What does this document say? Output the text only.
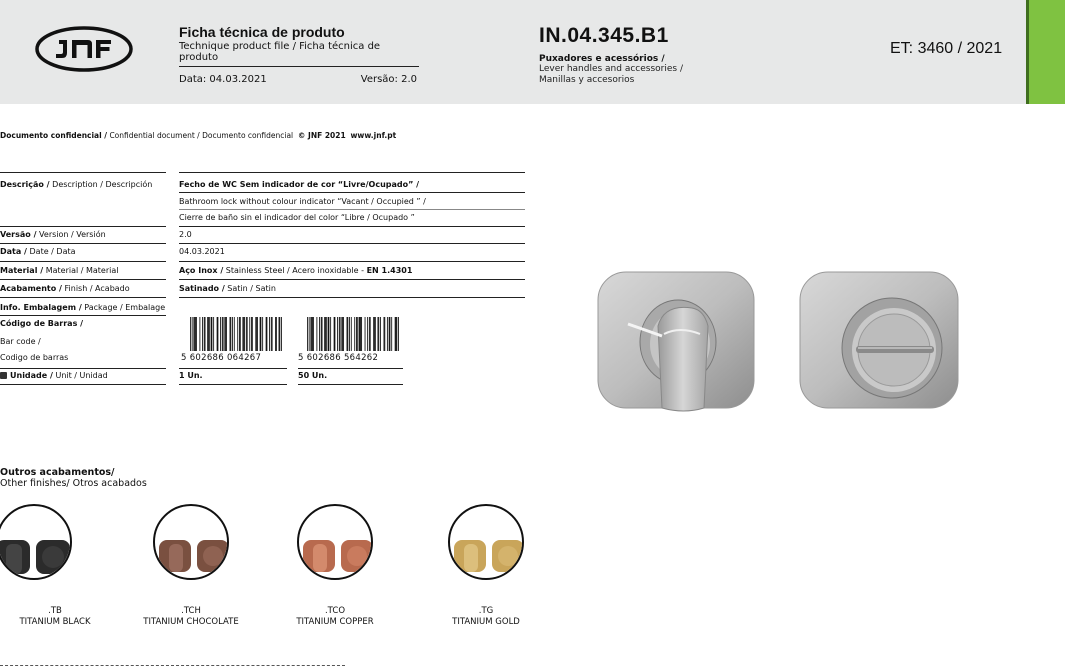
Ficha técnica de produto
Technique product file / Ficha técnica de produto
Data: 04.03.2021	Versão: 2.0
IN.04.345.B1
Puxadores e acessórios /
Lever handles and accessories /
Manillas y accesorios
ET: 3460 / 2021
Documento confidencial / Confidential document / Documento confidencial © JNF 2021 www.jnf.pt
Descrição / Description / Descripción	Fecho de WC Sem indicador de cor “Livre/Ocupado” /
Bathroom lock without colour indicator “Vacant / Occupied ” /
Cierre de baño sin el indicador del color “Libre / Ocupado ”
Versão / Version / Versión	2.0
Data / Date / Data	04.03.2021
Material / Material / Material	Aço Inox / Stainless Steel / Acero inoxidable - EN 1.4301
Acabamento / Finish / Acabado	Satinado / Satin / Satin
Info. Embalagem / Package / Embalage
Código de Barras /
Bar code /
Codigo de barras	5 602686 064267	5 602686 564262
Unidade / Unit / Unidad	1 Un.	50 Un.
Outros acabamentos/
Other finishes/ Otros acabados
.TB
TITANIUM BLACK
.TCH
TITANIUM CHOCOLATE
.TCO
TITANIUM COPPER
.TG
TITANIUM GOLD
